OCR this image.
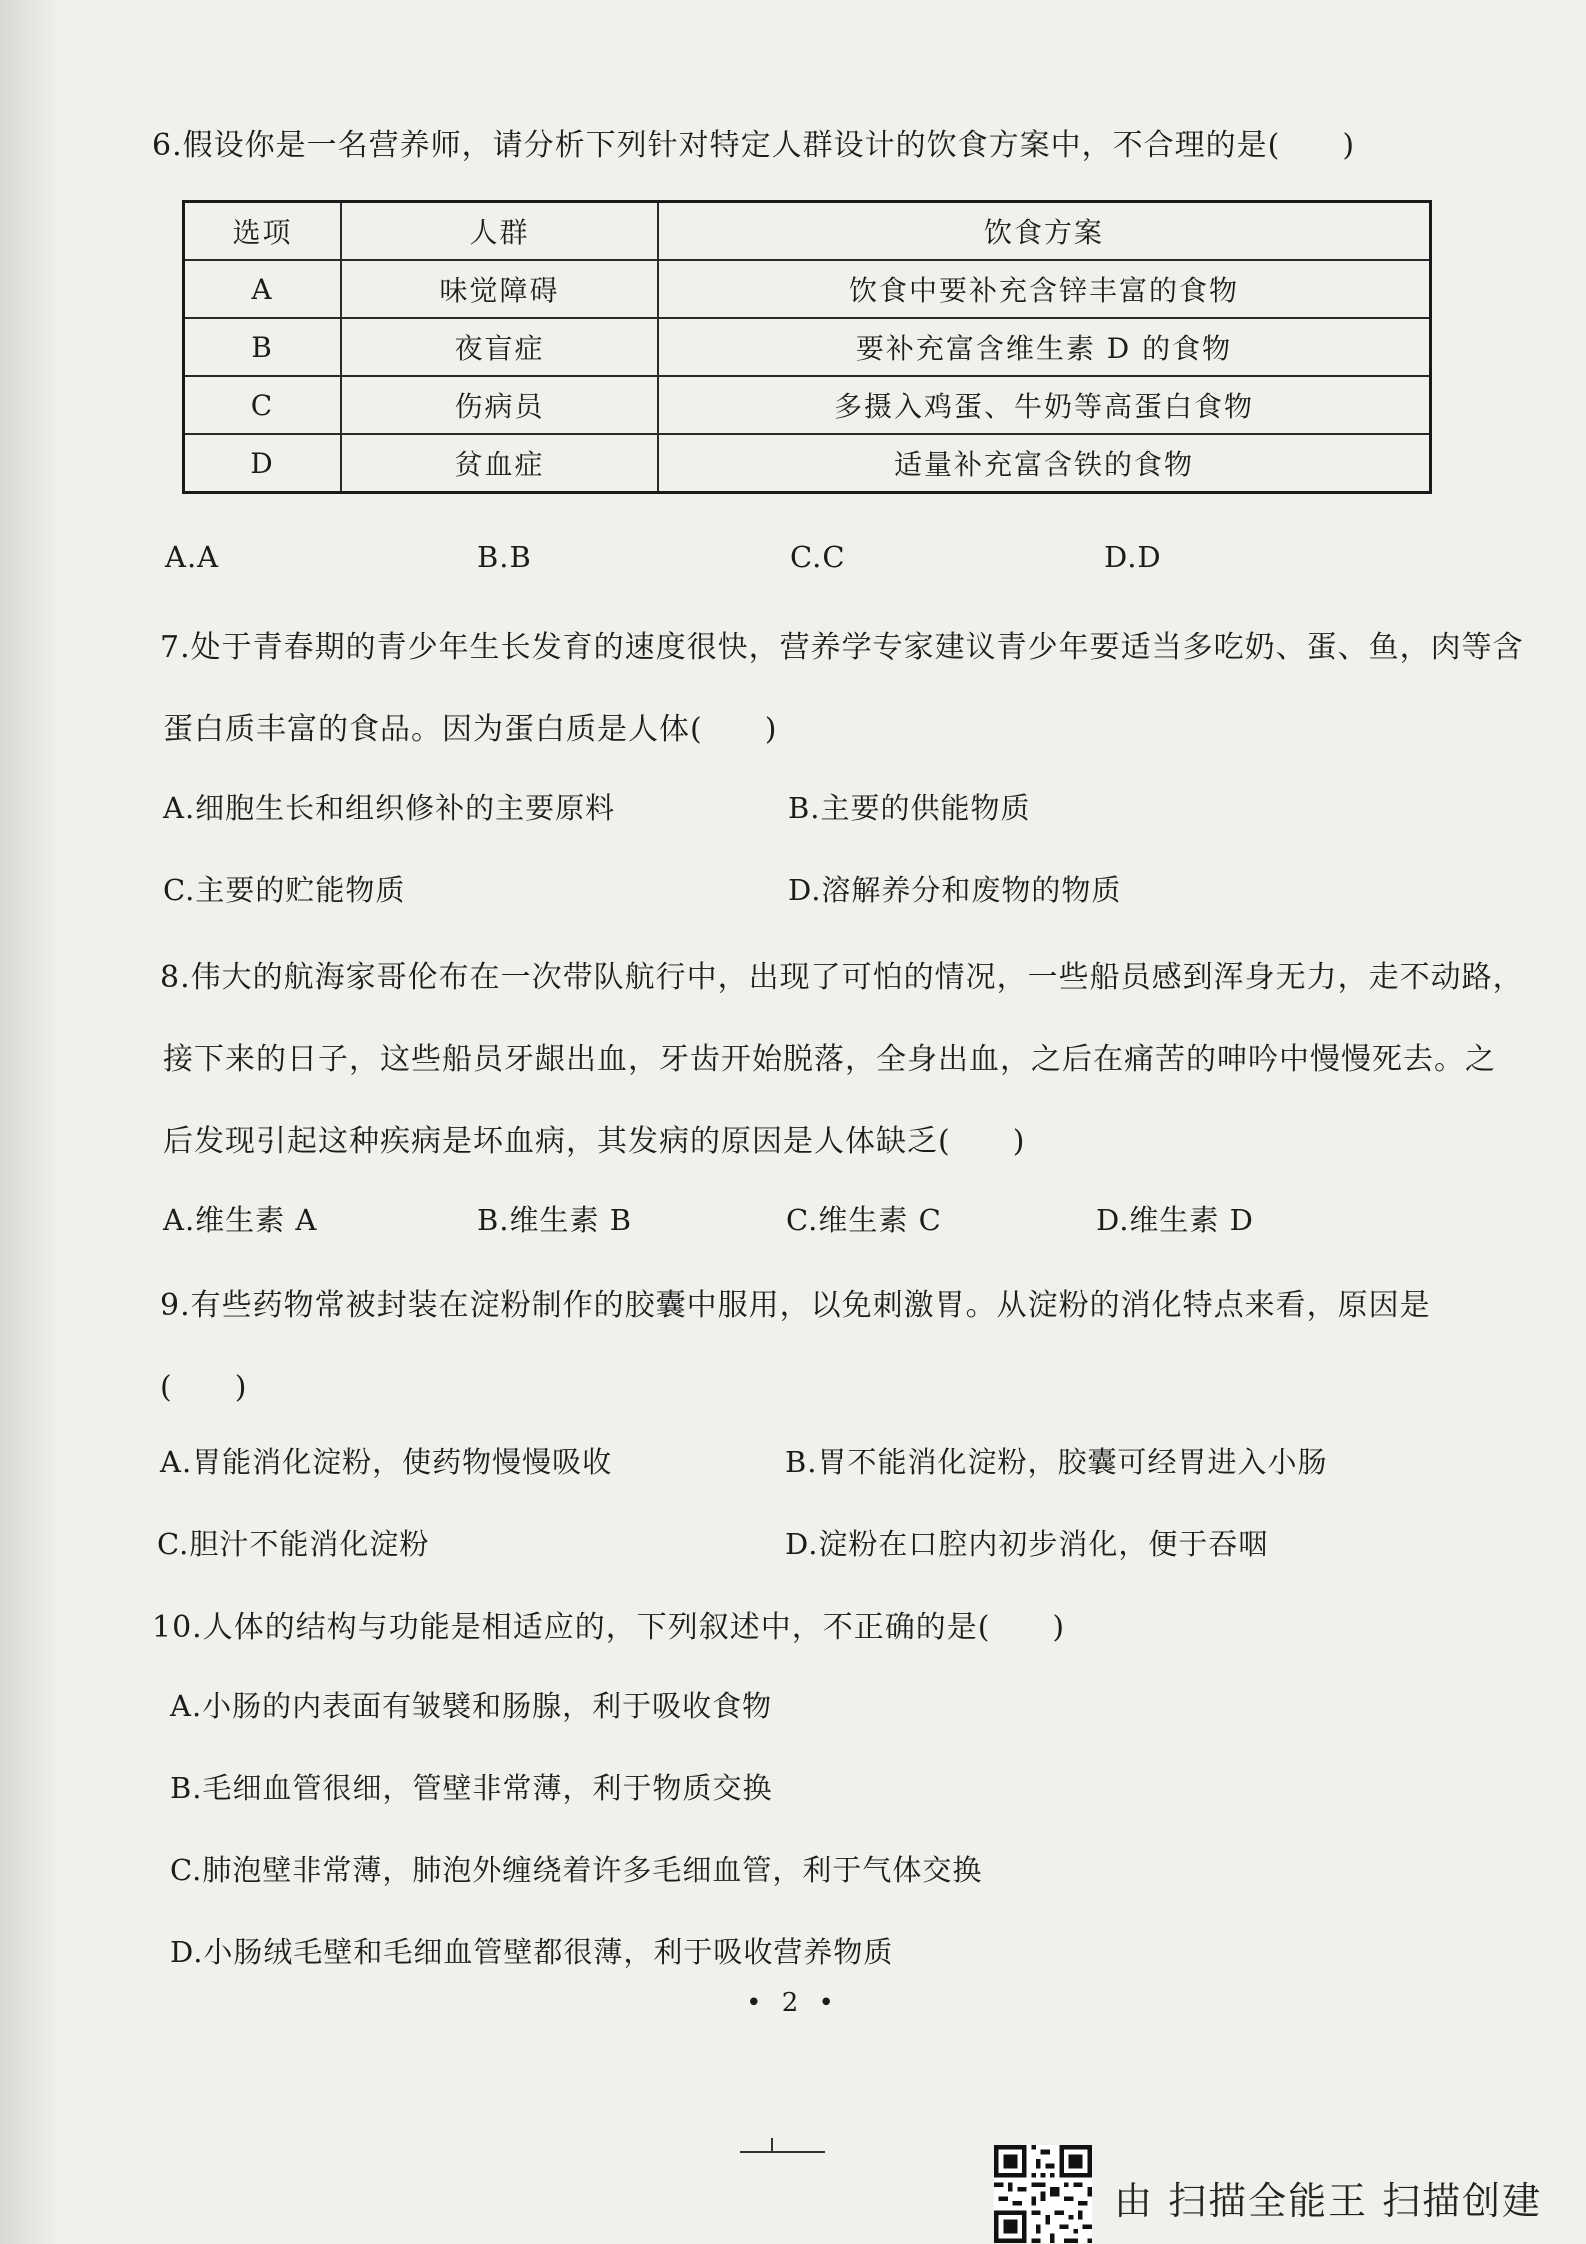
6.假设你是一名营养师，请分析下列针对特定人群设计的饮食方案中，不合理的是(　　)
选项	人群	饮食方案
A	味觉障碍	饮食中要补充含锌丰富的食物
B	夜盲症	要补充富含维生素 D 的食物
C	伤病员	多摄入鸡蛋、牛奶等高蛋白食物
D	贫血症	适量补充富含铁的食物
A.A	B.B	C.C	D.D
7.处于青春期的青少年生长发育的速度很快，营养学专家建议青少年要适当多吃奶、蛋、鱼，肉等含
蛋白质丰富的食品。因为蛋白质是人体(　　)
A.细胞生长和组织修补的主要原料	B.主要的供能物质
C.主要的贮能物质	D.溶解养分和废物的物质
8.伟大的航海家哥伦布在一次带队航行中，出现了可怕的情况，一些船员感到浑身无力，走不动路，
接下来的日子，这些船员牙龈出血，牙齿开始脱落，全身出血，之后在痛苦的呻吟中慢慢死去。之
后发现引起这种疾病是坏血病，其发病的原因是人体缺乏(　　)
A.维生素 A	B.维生素 B	C.维生素 C	D.维生素 D
9.有些药物常被封装在淀粉制作的胶囊中服用，以免刺激胃。从淀粉的消化特点来看，原因是
(　　)
A.胃能消化淀粉，使药物慢慢吸收	B.胃不能消化淀粉，胶囊可经胃进入小肠
C.胆汁不能消化淀粉	D.淀粉在口腔内初步消化，便于吞咽
10.人体的结构与功能是相适应的，下列叙述中，不正确的是(　　)
A.小肠的内表面有皱襞和肠腺，利于吸收食物
B.毛细血管很细，管壁非常薄，利于物质交换
C.肺泡壁非常薄，肺泡外缠绕着许多毛细血管，利于气体交换
D.小肠绒毛壁和毛细血管壁都很薄，利于吸收营养物质
• 2 •
由 扫描全能王 扫描创建
